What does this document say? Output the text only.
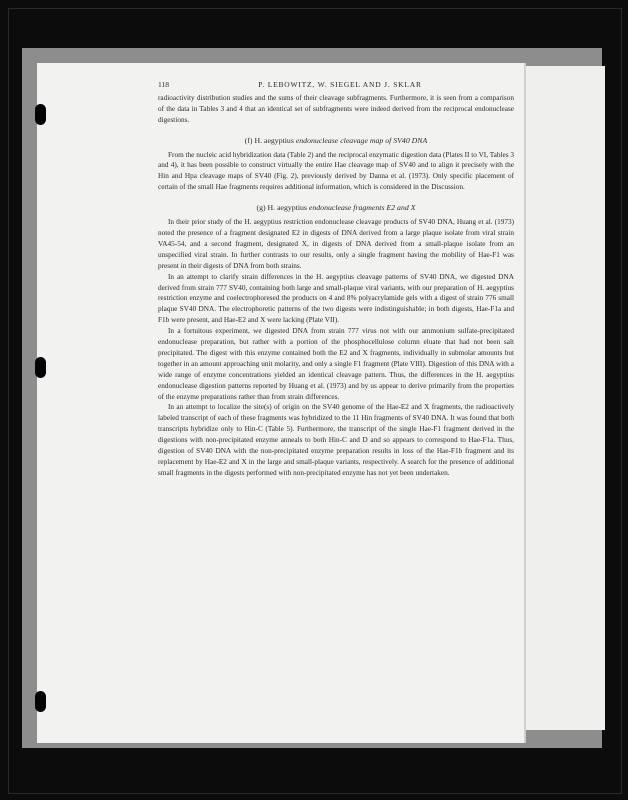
118	P. LEBOWITZ, W. SIEGEL AND J. SKLAR

radioactivity distribution studies and the sums of their cleavage subfragments. Furthermore, it is seen from a comparison of the data in Tables 3 and 4 that an identical set of subfragments were indeed derived from the reciprocal endonuclease digestions.

(f) H. aegyptius endonuclease cleavage map of SV40 DNA

From the nucleic acid hybridization data (Table 2) and the reciprocal enzymatic digestion data (Plates II to VI, Tables 3 and 4), it has been possible to construct virtually the entire Hae cleavage map of SV40 and to align it precisely with the Hin and Hpa cleavage maps of SV40 (Fig. 2), previously derived by Danna et al. (1973). Only specific placement of certain of the small Hae fragments requires additional information, which is considered in the Discussion.

(g) H. aegyptius endonuclease fragments E2 and X

In their prior study of the H. aegyptius restriction endonuclease cleavage products of SV40 DNA, Huang et al. (1973) noted the presence of a fragment designated E2 in digests of DNA derived from a large plaque isolate from viral strain VA45-54, and a second fragment, designated X, in digests of DNA derived from a small-plaque isolate from an unspecified viral strain. In further contrasts to our results, only a single fragment having the mobility of Hae-F1 was present in their digests of DNA from both strains.

In an attempt to clarify strain differences in the H. aegyptius cleavage patterns of SV40 DNA, we digested DNA derived from strain 777 SV40, containing both large and small-plaque viral variants, with our preparation of H. aegyptius restriction enzyme and coelectrophoresed the products on 4 and 8% polyacrylamide gels with a digest of strain 776 small plaque SV40 DNA. The electrophoretic patterns of the two digests were indistinguishable; in both digests, Hae-F1a and F1b were present, and Hae-E2 and X were lacking (Plate VII).

In a fortuitous experiment, we digested DNA from strain 777 virus not with our ammonium sulfate-precipitated endonuclease preparation, but rather with a portion of the phosphocellulose column eluate that had not been salt precipitated. The digest with this enzyme contained both the E2 and X fragments, individually in submolar amounts but together in an amount approaching unit molarity, and only a single F1 fragment (Plate VIII). Digestion of this DNA with a wide range of enzyme concentrations yielded an identical cleavage pattern. Thus, the differences in the H. aegyptius endonuclease digestion patterns reported by Huang et al. (1973) and by us appear to derive primarily from the properties of the enzyme preparations rather than from strain differences.

In an attempt to localize the site(s) of origin on the SV40 genome of the Hae-E2 and X fragments, the radioactively labeled transcript of each of these fragments was hybridized to the 11 Hin fragments of SV40 DNA. It was found that both transcripts hybridize only to Hin-C (Table 5). Furthermore, the transcript of the single Hae-F1 fragment derived in the digestions with non-precipitated enzyme anneals to both Hin-C and D and so appears to correspond to Hae-F1a. Thus, digestion of SV40 DNA with the non-precipitated enzyme preparation results in loss of the Hae-F1b fragment and its replacement by Hae-E2 and X in the large and small-plaque variants, respectively. A search for the presence of additional small fragments in the digests performed with non-precipitated enzyme has not yet been undertaken.
